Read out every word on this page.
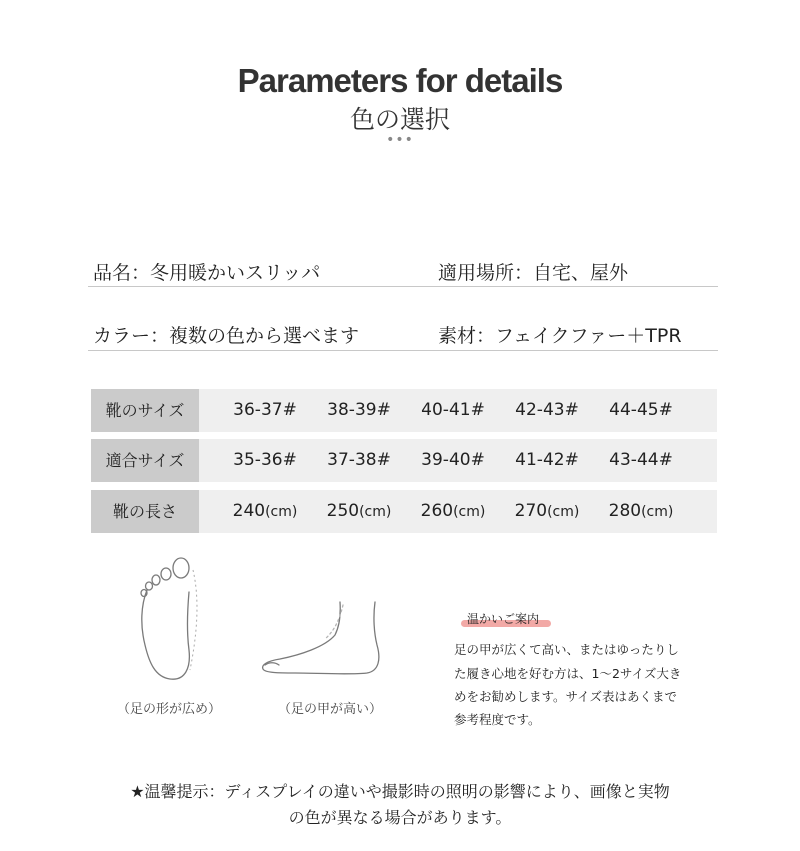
Parameters for details
色の選択
•••
品名：冬用暖かいスリッパ	適用場所：自宅、屋外
カラー：複数の色から選べます	素材：フェイクファー＋TPR
靴のサイズ	36-37#	38-39#	40-41#	42-43#	44-45#
適合サイズ	35-36#	37-38#	39-40#	41-42#	43-44#
靴の長さ	240(cm)	250(cm)	260(cm)	270(cm)	280(cm)
（足の形が広め）	（足の甲が高い）
温かいご案内
足の甲が広くて高い、またはゆったりし
た履き心地を好む方は、1～2サイズ大き
めをお勧めします。サイズ表はあくまで
参考程度です。
★温馨提示：ディスプレイの違いや撮影時の照明の影響により、画像と実物
の色が異なる場合があります。
